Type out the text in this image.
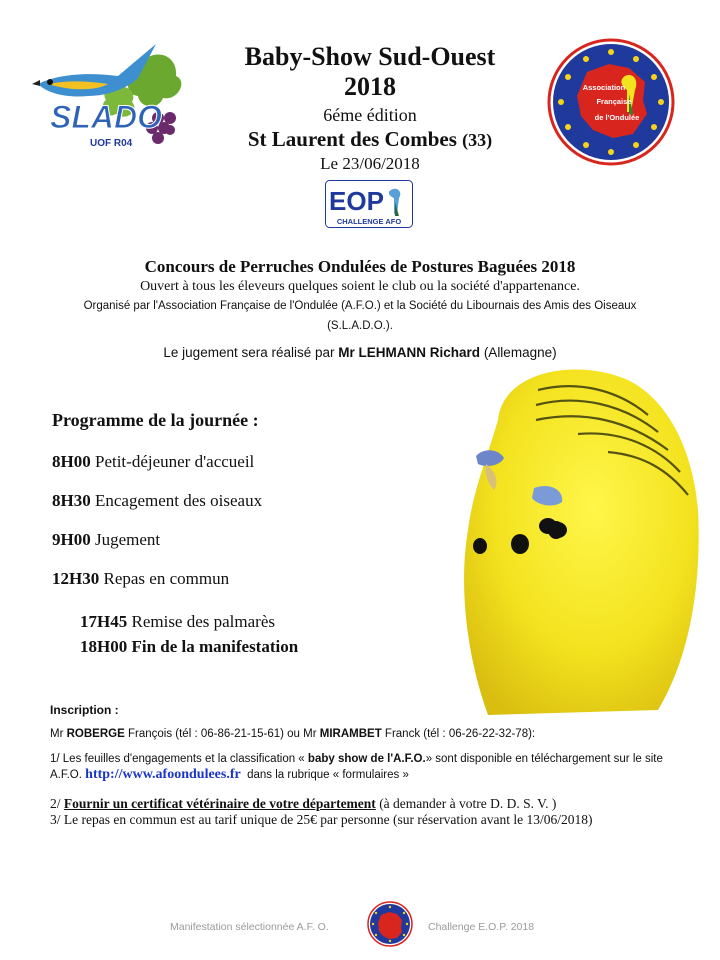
SLADO
UOF R04
Baby-Show Sud-Ouest
2018
6éme édition
St Laurent des Combes (33)
Le 23/06/2018
Association Française de l'Ondulée
EOP
CHALLENGE AFO
Concours de Perruches Ondulées de Postures Baguées 2018
Ouvert à tous les éleveurs quelques soient le club ou la société d'appartenance.
Organisé par l'Association Française de l'Ondulée (A.F.O.) et la Société du Libournais des Amis des Oiseaux
(S.L.A.D.O.).
Le jugement sera réalisé par Mr LEHMANN Richard (Allemagne)
Programme de la journée :
8H00 Petit-déjeuner d'accueil
8H30 Encagement des oiseaux
9H00 Jugement
12H30 Repas en commun
17H45 Remise des palmarès
18H00 Fin de la manifestation
Inscription :
Mr ROBERGE François (tél : 06-86-21-15-61) ou Mr MIRAMBET Franck (tél : 06-26-22-32-78):
1/ Les feuilles d'engagements et la classification « baby show de l'A.F.O.» sont disponible en téléchargement sur le site A.F.O. http://www.afoondulees.fr dans la rubrique « formulaires »
2/ Fournir un certificat vétérinaire de votre département (à demander à votre D. D. S. V. )
3/ Le repas en commun est au tarif unique de 25€ par personne (sur réservation avant le 13/06/2018)
Manifestation sélectionnée A.F. O.	Challenge E.O.P. 2018
